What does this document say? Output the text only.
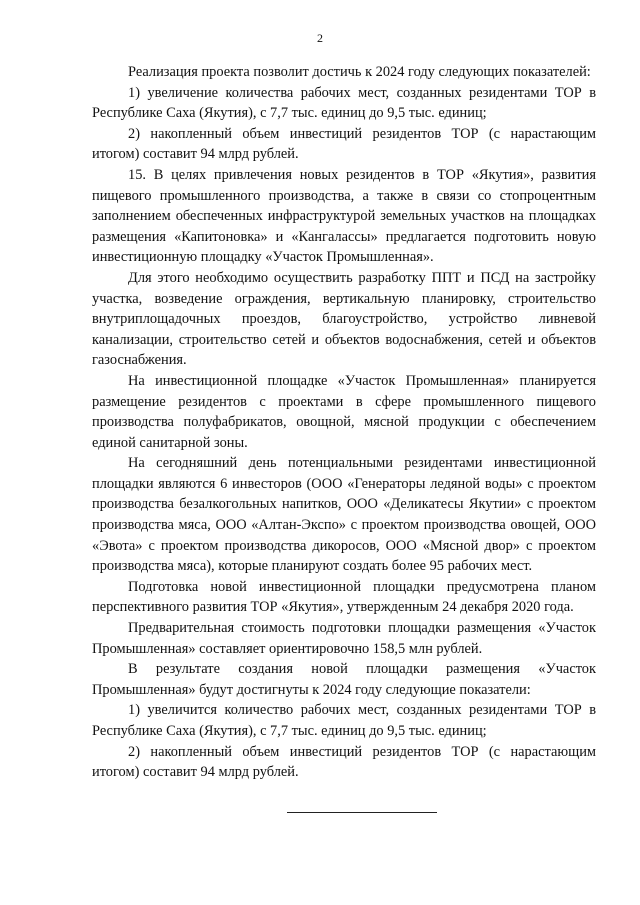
2

Реализация проекта позволит достичь к 2024 году следующих показателей:

1) увеличение количества рабочих мест, созданных резидентами ТОР в Республике Саха (Якутия), с 7,7 тыс. единиц до 9,5 тыс. единиц;

2) накопленный объем инвестиций резидентов ТОР (с нарастающим итогом) составит 94 млрд рублей.

15. В целях привлечения новых резидентов в ТОР «Якутия», развития пищевого промышленного производства, а также в связи со стопроцентным заполнением обеспеченных инфраструктурой земельных участков на площадках размещения «Капитоновка» и «Кангалассы» предлагается подготовить новую инвестиционную площадку «Участок Промышленная».

Для этого необходимо осуществить разработку ППТ и ПСД на застройку участка, возведение ограждения, вертикальную планировку, строительство внутриплощадочных проездов, благоустройство, устройство ливневой канализации, строительство сетей и объектов водоснабжения, сетей и объектов газоснабжения.

На инвестиционной площадке «Участок Промышленная» планируется размещение резидентов с проектами в сфере промышленного пищевого производства полуфабрикатов, овощной, мясной продукции с обеспечением единой санитарной зоны.

На сегодняшний день потенциальными резидентами инвестиционной площадки являются 6 инвесторов (ООО «Генераторы ледяной воды» с проектом производства безалкогольных напитков, ООО «Деликатесы Якутии» с проектом производства мяса, ООО «Алтан-Экспо» с проектом производства овощей, ООО «Эвота» с проектом производства дикоросов, ООО «Мясной двор» с проектом производства мяса), которые планируют создать более 95 рабочих мест.

Подготовка новой инвестиционной площадки предусмотрена планом перспективного развития ТОР «Якутия», утвержденным 24 декабря 2020 года.

Предварительная стоимость подготовки площадки размещения «Участок Промышленная» составляет ориентировочно 158,5 млн рублей.

В результате создания новой площадки размещения «Участок Промышленная» будут достигнуты к 2024 году следующие показатели:

1) увеличится количество рабочих мест, созданных резидентами ТОР в Республике Саха (Якутия), с 7,7 тыс. единиц до 9,5 тыс. единиц;

2) накопленный объем инвестиций резидентов ТОР (с нарастающим итогом) составит 94 млрд рублей.
